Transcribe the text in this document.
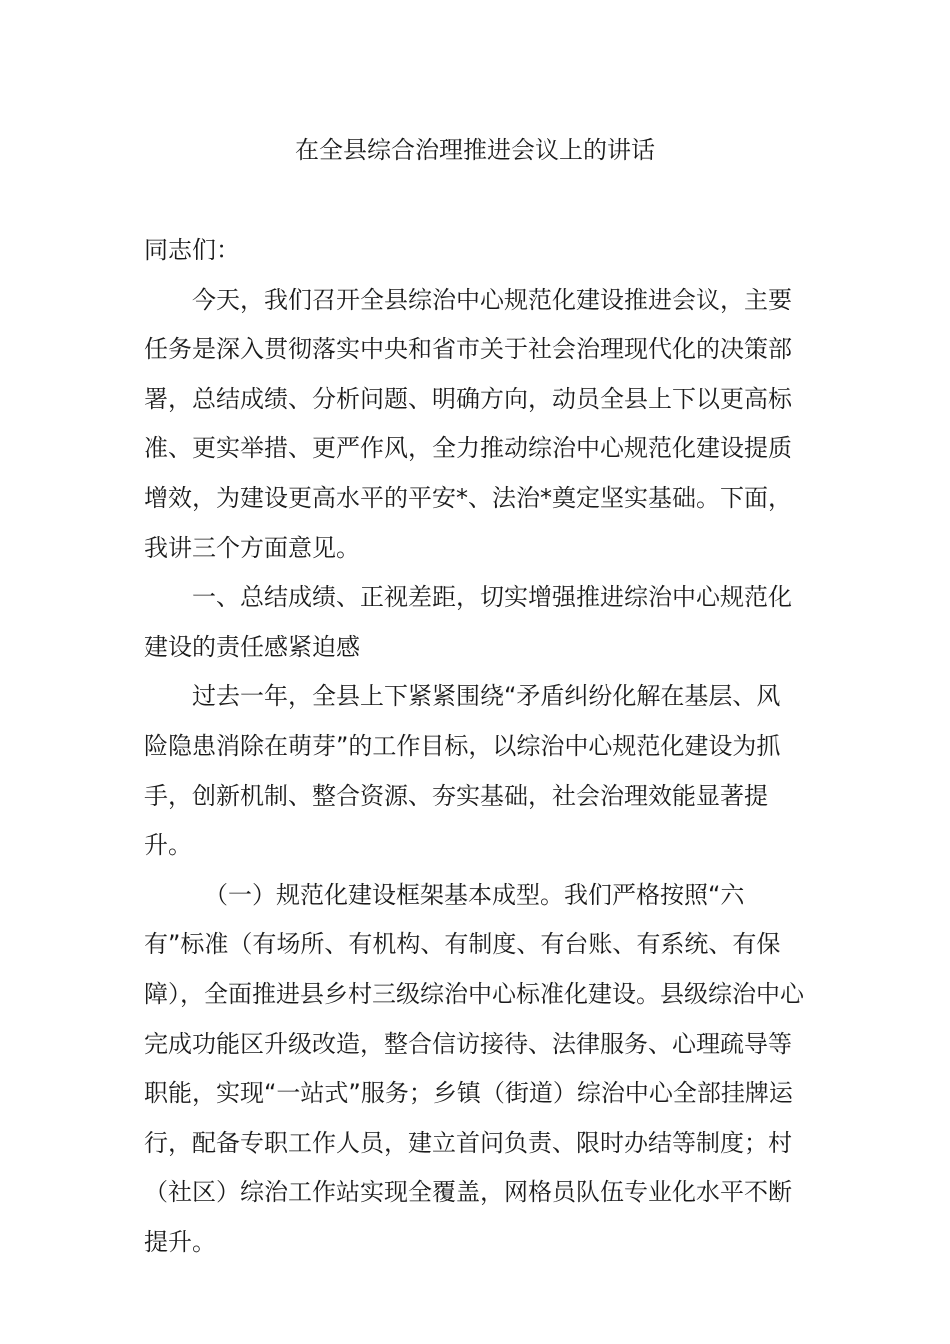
在全县综合治理推进会议上的讲话

同志们：

今天，我们召开全县综治中心规范化建设推进会议，主要任务是深入贯彻落实中央和省市关于社会治理现代化的决策部署，总结成绩、分析问题、明确方向，动员全县上下以更高标准、更实举措、更严作风，全力推动综治中心规范化建设提质增效，为建设更高水平的平安*、法治*奠定坚实基础。下面，我讲三个方面意见。

一、总结成绩、正视差距，切实增强推进综治中心规范化建设的责任感紧迫感

过去一年，全县上下紧紧围绕“矛盾纠纷化解在基层、风险隐患消除在萌芽”的工作目标，以综治中心规范化建设为抓手，创新机制、整合资源、夯实基础，社会治理效能显著提升。

（一）规范化建设框架基本成型。我们严格按照“六有”标准（有场所、有机构、有制度、有台账、有系统、有保障），全面推进县乡村三级综治中心标准化建设。县级综治中心完成功能区升级改造，整合信访接待、法律服务、心理疏导等职能，实现“一站式”服务；乡镇（街道）综治中心全部挂牌运行，配备专职工作人员，建立首问负责、限时办结等制度；村（社区）综治工作站实现全覆盖，网格员队伍专业化水平不断提升。
